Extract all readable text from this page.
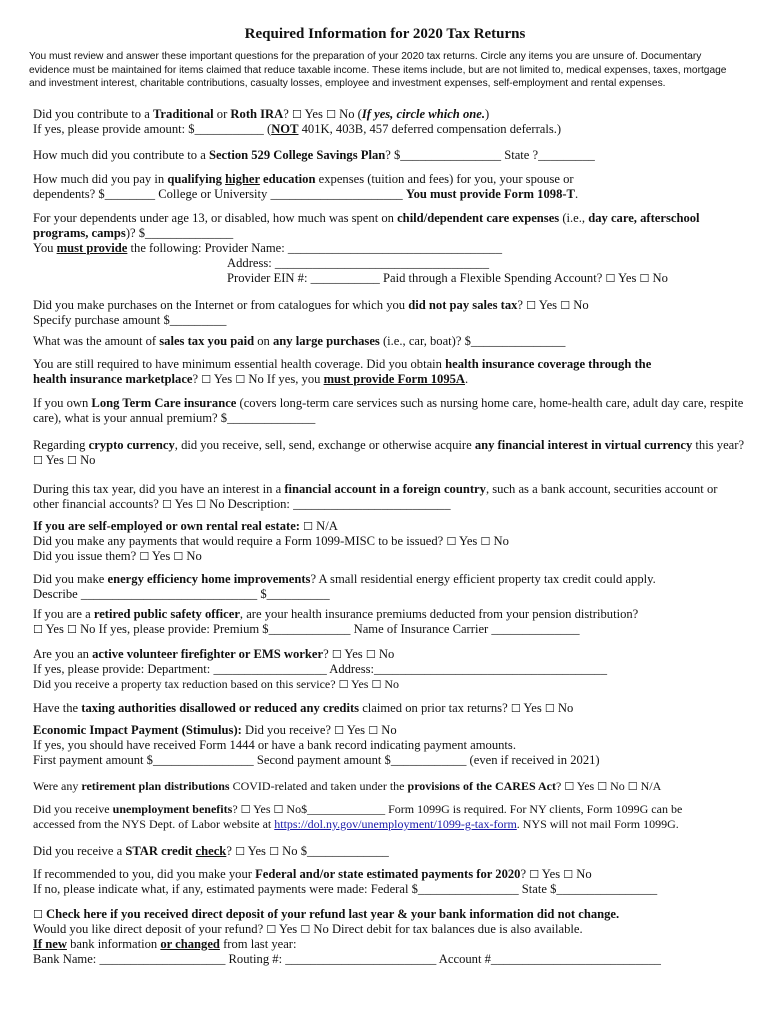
Required Information for 2020 Tax Returns

You must review and answer these important questions for the preparation of your 2020 tax returns. Circle any items you are unsure of. Documentary evidence must be maintained for items claimed that reduce taxable income. These items include, but are not limited to, medical expenses, taxes, mortgage and investment interest, charitable contributions, casualty losses, employee and investment expenses, self-employment and rental expenses.

Did you contribute to a Traditional or Roth IRA? ☐ Yes ☐ No (If yes, circle which one.)
If yes, please provide amount: $___________ (NOT 401K, 403B, 457 deferred compensation deferrals.)
How much did you contribute to a Section 529 College Savings Plan? $________________ State ?_________
How much did you pay in qualifying higher education expenses (tuition and fees) for you, your spouse or
dependents? $________ College or University _____________________ You must provide Form 1098-T.
For your dependents under age 13, or disabled, how much was spent on child/dependent care expenses (i.e., day care, afterschool programs, camps)? $______________
You must provide the following: Provider Name: __________________________________
Address: __________________________________
Provider EIN #: ___________ Paid through a Flexible Spending Account? ☐ Yes ☐ No
Did you make purchases on the Internet or from catalogues for which you did not pay sales tax? ☐ Yes ☐ No
Specify purchase amount $_________
What was the amount of sales tax you paid on any large purchases (i.e., car, boat)? $_______________
You are still required to have minimum essential health coverage. Did you obtain health insurance coverage through the
health insurance marketplace? ☐ Yes ☐ No If yes, you must provide Form 1095A.
If you own Long Term Care insurance (covers long-term care services such as nursing home care, home-health care, adult day care, respite care), what is your annual premium? $______________
Regarding crypto currency, did you receive, sell, send, exchange or otherwise acquire any financial interest in virtual currency this year? ☐ Yes ☐ No
During this tax year, did you have an interest in a financial account in a foreign country, such as a bank account, securities account or other financial accounts? ☐ Yes ☐ No Description: _________________________
If you are self-employed or own rental real estate: ☐ N/A
Did you make any payments that would require a Form 1099-MISC to be issued? ☐ Yes ☐ No
Did you issue them? ☐ Yes ☐ No
Did you make energy efficiency home improvements? A small residential energy efficient property tax credit could apply.
Describe ____________________________ $__________
If you are a retired public safety officer, are your health insurance premiums deducted from your pension distribution?
☐ Yes ☐ No If yes, please provide: Premium $_____________ Name of Insurance Carrier ______________
Are you an active volunteer firefighter or EMS worker? ☐ Yes ☐ No
If yes, please provide: Department: __________________ Address:_____________________________________
Did you receive a property tax reduction based on this service? ☐ Yes ☐ No
Have the taxing authorities disallowed or reduced any credits claimed on prior tax returns? ☐ Yes ☐ No
Economic Impact Payment (Stimulus): Did you receive? ☐ Yes ☐ No
If yes, you should have received Form 1444 or have a bank record indicating payment amounts.
First payment amount $________________ Second payment amount $____________ (even if received in 2021)
Were any retirement plan distributions COVID-related and taken under the provisions of the CARES Act? ☐ Yes ☐ No ☐ N/A
Did you receive unemployment benefits? ☐ Yes ☐ No$_____________ Form 1099G is required. For NY clients, Form 1099G can be
accessed from the NYS Dept. of Labor website at https://dol.ny.gov/unemployment/1099-g-tax-form. NYS will not mail Form 1099G.
Did you receive a STAR credit check? ☐ Yes ☐ No $_____________
If recommended to you, did you make your Federal and/or state estimated payments for 2020? ☐ Yes ☐ No
If no, please indicate what, if any, estimated payments were made: Federal $________________ State $________________
☐ Check here if you received direct deposit of your refund last year & your bank information did not change.
Would you like direct deposit of your refund? ☐ Yes ☐ No Direct debit for tax balances due is also available.
If new bank information or changed from last year:
Bank Name: ____________________ Routing #: ________________________ Account #___________________________
